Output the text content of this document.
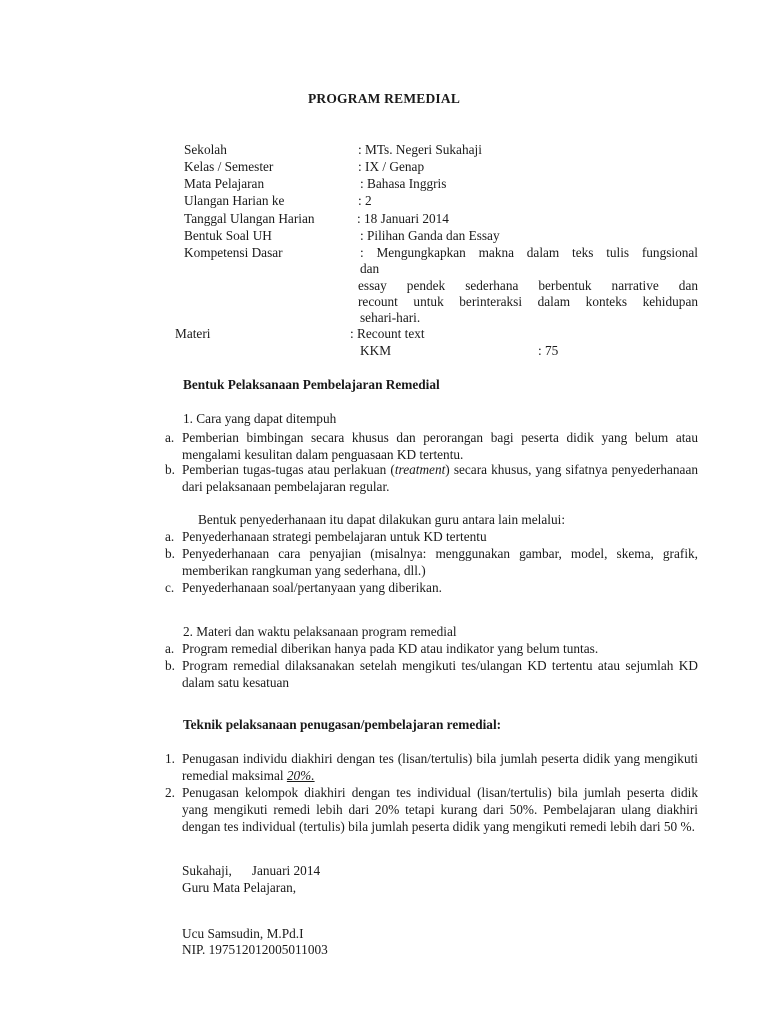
PROGRAM REMEDIAL
Sekolah	: MTs. Negeri Sukahaji
Kelas / Semester	: IX / Genap
Mata Pelajaran	: Bahasa Inggris
Ulangan Harian ke	: 2
Tanggal Ulangan Harian	: 18 Januari 2014
Bentuk Soal UH	: Pilihan Ganda dan Essay
Kompetensi Dasar	: Mengungkapkan makna dalam teks tulis fungsional
dan
essay pendek sederhana berbentuk narrative dan
recount untuk berinteraksi dalam konteks kehidupan
sehari-hari.
Materi	: Recount text
KKM	: 75
Bentuk Pelaksanaan Pembelajaran Remedial
1. Cara yang dapat ditempuh
a. Pemberian bimbingan secara khusus dan perorangan bagi peserta didik yang belum atau mengalami kesulitan dalam penguasaan KD tertentu.
b. Pemberian tugas-tugas atau perlakuan (treatment) secara khusus, yang sifatnya penyederhanaan dari pelaksanaan pembelajaran regular.
Bentuk penyederhanaan itu dapat dilakukan guru antara lain melalui:
a. Penyederhanaan strategi pembelajaran untuk KD tertentu
b. Penyederhanaan cara penyajian (misalnya: menggunakan gambar, model, skema, grafik, memberikan rangkuman yang sederhana, dll.)
c. Penyederhanaan soal/pertanyaan yang diberikan.
2. Materi dan waktu pelaksanaan program remedial
a. Program remedial diberikan hanya pada KD atau indikator yang belum tuntas.
b. Program remedial dilaksanakan setelah mengikuti tes/ulangan KD tertentu atau sejumlah KD dalam satu kesatuan
Teknik pelaksanaan penugasan/pembelajaran remedial:
1. Penugasan individu diakhiri dengan tes (lisan/tertulis) bila jumlah peserta didik yang mengikuti remedial maksimal 20%.
2. Penugasan kelompok diakhiri dengan tes individual (lisan/tertulis) bila jumlah peserta didik yang mengikuti remedi lebih dari 20% tetapi kurang dari 50%. Pembelajaran ulang diakhiri dengan tes individual (tertulis) bila jumlah peserta didik yang mengikuti remedi lebih dari 50 %.
Sukahaji,      Januari 2014
Guru Mata Pelajaran,
Ucu Samsudin, M.Pd.I
NIP. 197512012005011003
